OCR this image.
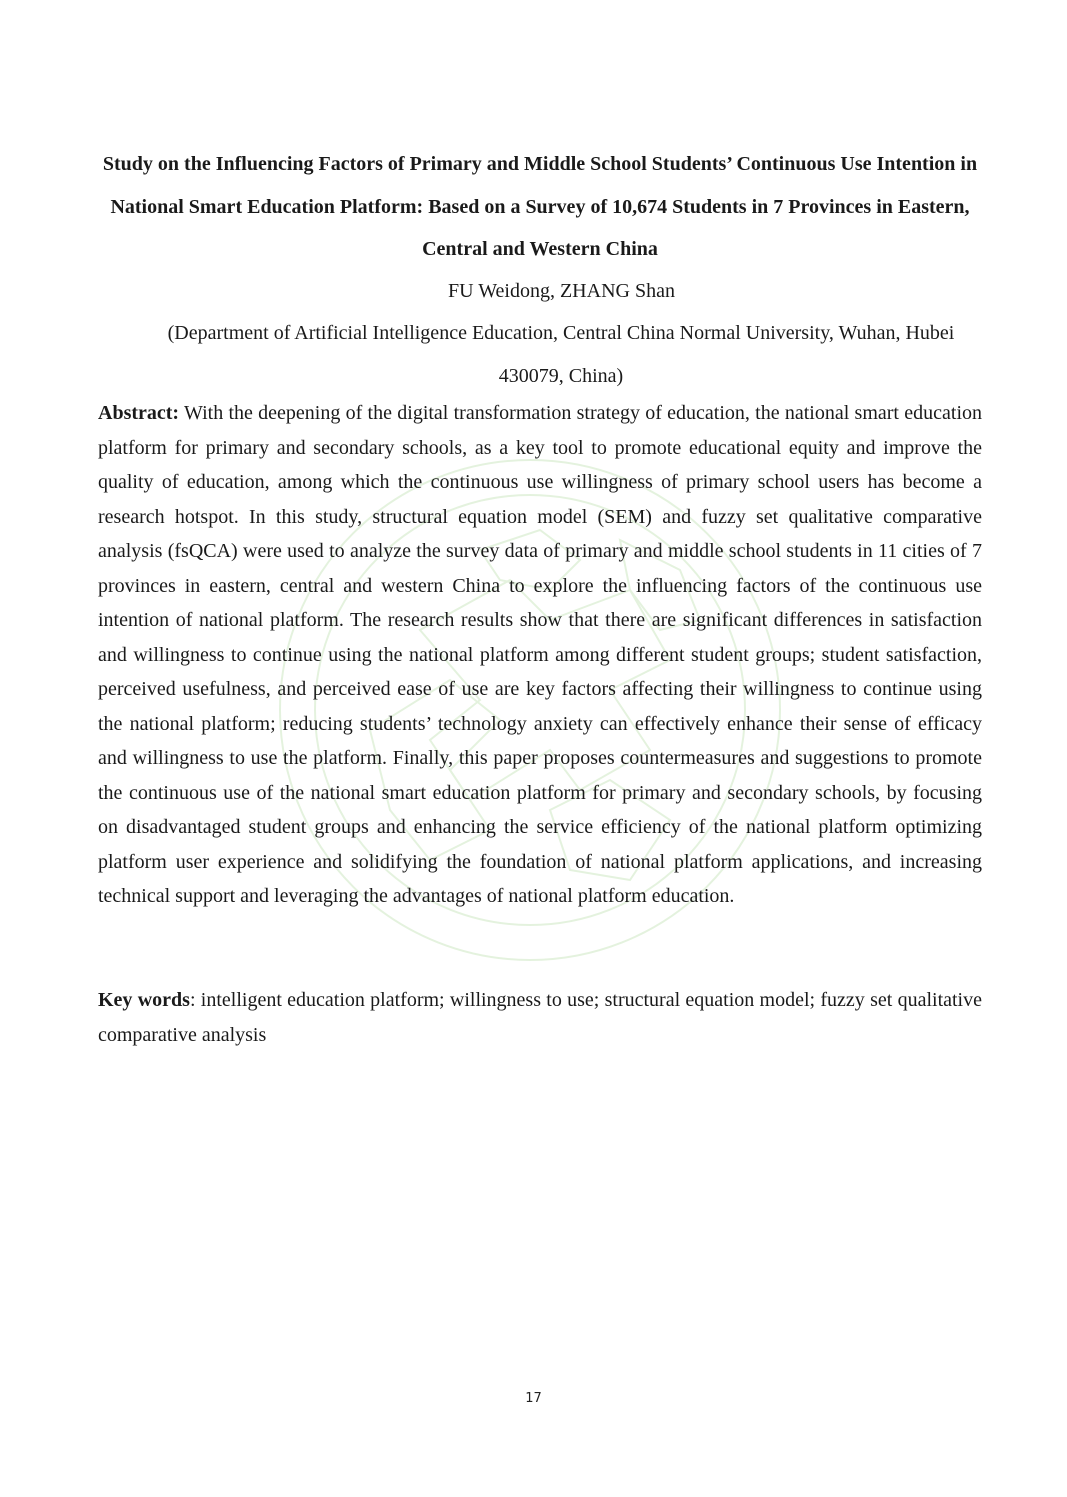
Study on the Influencing Factors of Primary and Middle School Students’ Continuous Use Intention in National Smart Education Platform: Based on a Survey of 10,674 Students in 7 Provinces in Eastern, Central and Western China

FU Weidong, ZHANG Shan

(Department of Artificial Intelligence Education, Central China Normal University, Wuhan, Hubei 430079, China)

Abstract: With the deepening of the digital transformation strategy of education, the national smart education platform for primary and secondary schools, as a key tool to promote educational equity and improve the quality of education, among which the continuous use willingness of primary school users has become a research hotspot. In this study, structural equation model (SEM) and fuzzy set qualitative comparative analysis (fsQCA) were used to analyze the survey data of primary and middle school students in 11 cities of 7 provinces in eastern, central and western China to explore the influencing factors of the continuous use intention of national platform. The research results show that there are significant differences in satisfaction and willingness to continue using the national platform among different student groups; student satisfaction, perceived usefulness, and perceived ease of use are key factors affecting their willingness to continue using the national platform; reducing students’ technology anxiety can effectively enhance their sense of efficacy and willingness to use the platform. Finally, this paper proposes countermeasures and suggestions to promote the continuous use of the national smart education platform for primary and secondary schools, by focusing on disadvantaged student groups and enhancing the service efficiency of the national platform optimizing platform user experience and solidifying the foundation of national platform applications, and increasing technical support and leveraging the advantages of national platform education.

Key words: intelligent education platform; willingness to use; structural equation model; fuzzy set qualitative comparative analysis

17
